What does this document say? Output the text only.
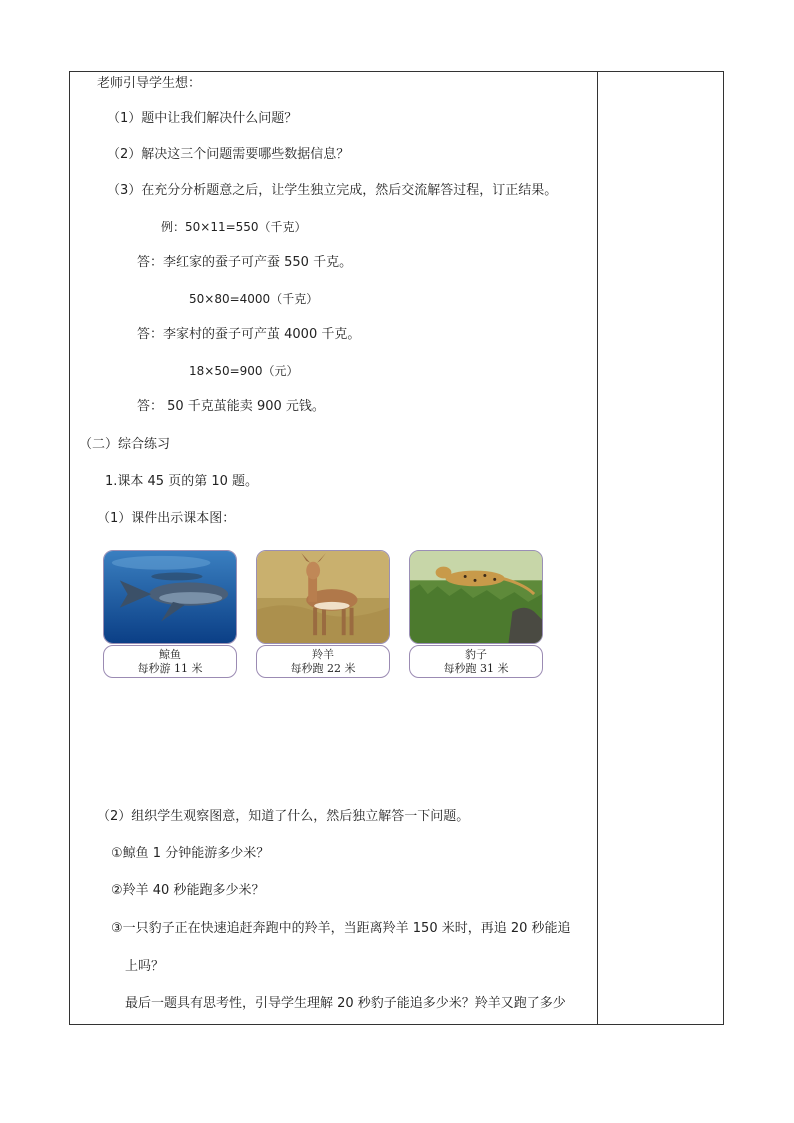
老师引导学生想：
（1）题中让我们解决什么问题？
（2）解决这三个问题需要哪些数据信息？
（3）在充分分析题意之后，让学生独立完成，然后交流解答过程，订正结果。
例：50×11=550（千克）
答：李红家的蚕子可产蚕 550 千克。
50×80=4000（千克）
答：李家村的蚕子可产茧 4000 千克。
18×50=900（元）
答： 50 千克茧能卖 900 元钱。
（二）综合练习
1.课本 45 页的第 10 题。
（1）课件出示课本图：
鲸鱼
每秒游 11 米
羚羊
每秒跑 22 米
豹子
每秒跑 31 米
（2）组织学生观察图意，知道了什么，然后独立解答一下问题。
①鲸鱼 1 分钟能游多少米？
②羚羊 40 秒能跑多少米？
③一只豹子正在快速追赶奔跑中的羚羊，当距离羚羊 150 米时，再追 20 秒能追
上吗？
最后一题具有思考性，引导学生理解 20 秒豹子能追多少米？羚羊又跑了多少
